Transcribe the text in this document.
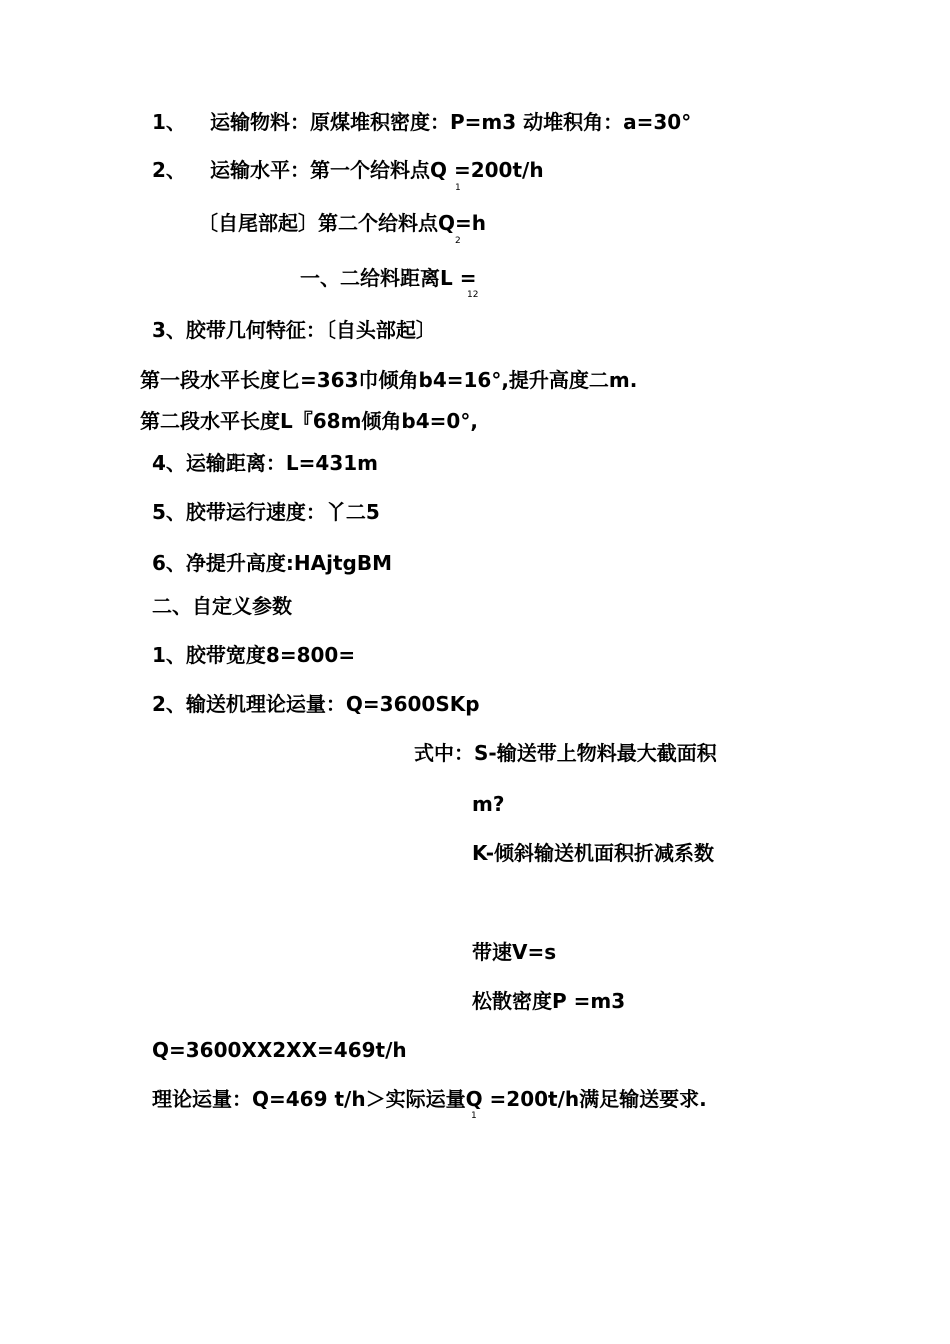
1、 运输物料：原煤堆积密度：P=m3 动堆积角：a=30°
2、 运输水平：第一个给料点Q =200t/h
1
〔自尾部起〕第二个给料点Q=h
2
一、二给料距离L =
12
3、胶带几何特征：〔自头部起〕
第一段水平长度匕=363巾倾角b4=16°,提升高度二m.
第二段水平长度L『68m倾角b4=0°,
4、运输距离：L=431m
5、胶带运行速度：丫二5
6、净提升高度:HAjtgBM
二、自定义参数
1、胶带宽度8=800=
2、输送机理论运量：Q=3600SKp
式中：S-输送带上物料最大截面积
m?
K-倾斜输送机面积折减系数
带速V=s
松散密度P =m3
Q=3600XX2XX=469t/h
理论运量：Q=469 t/h＞实际运量Q =200t/h满足输送要求.
1
